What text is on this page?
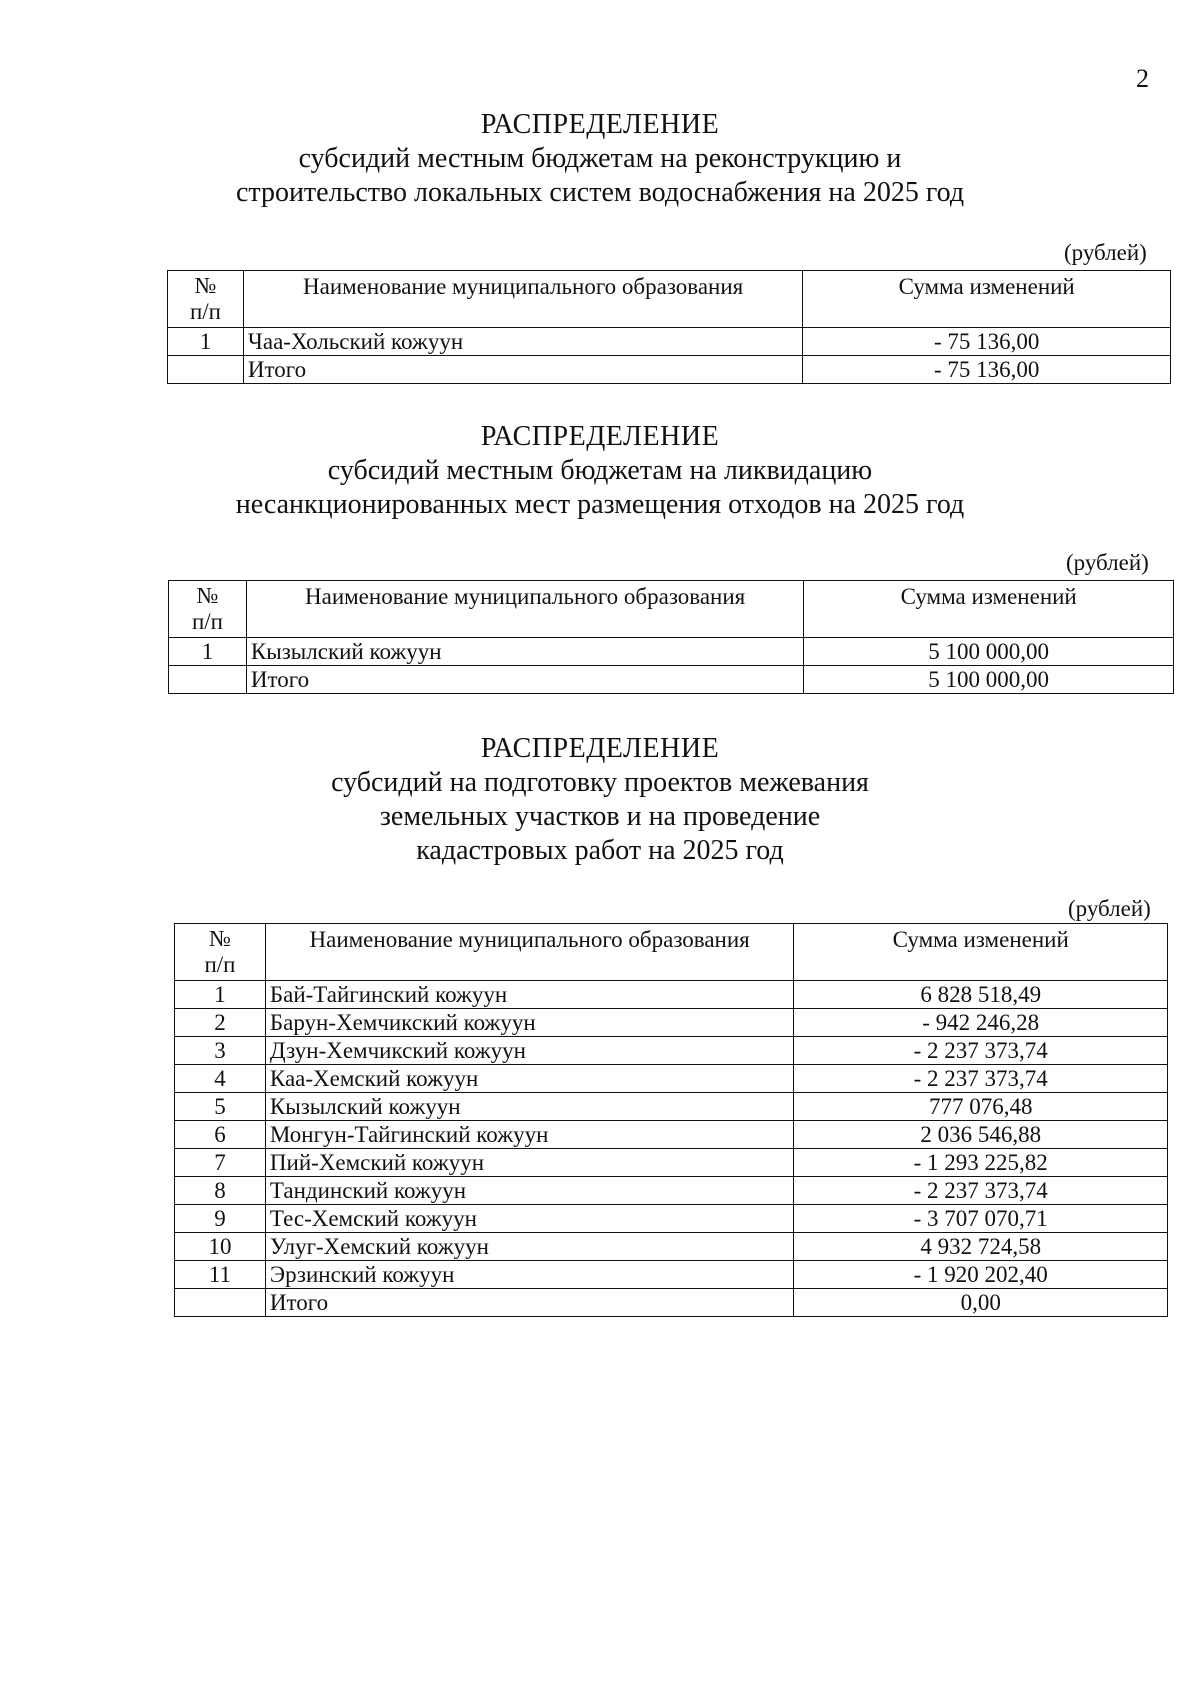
2
РАСПРЕДЕЛЕНИЕ
субсидий местным бюджетам на реконструкцию и
строительство локальных систем водоснабжения на 2025 год
(рублей)
№
п/п	Наименование муниципального образования	Сумма изменений
1	Чаа-Хольский кожуун	- 75 136,00
	Итого	- 75 136,00
РАСПРЕДЕЛЕНИЕ
субсидий местным бюджетам на ликвидацию
несанкционированных мест размещения отходов на 2025 год
(рублей)
№
п/п	Наименование муниципального образования	Сумма изменений
1	Кызылский кожуун	5 100 000,00
	Итого	5 100 000,00
РАСПРЕДЕЛЕНИЕ
субсидий на подготовку проектов межевания
земельных участков и на проведение
кадастровых работ на 2025 год
(рублей)
№
п/п	Наименование муниципального образования	Сумма изменений
1	Бай-Тайгинский кожуун	6 828 518,49
2	Барун-Хемчикский кожуун	- 942 246,28
3	Дзун-Хемчикский кожуун	- 2 237 373,74
4	Каа-Хемский кожуун	- 2 237 373,74
5	Кызылский кожуун	777 076,48
6	Монгун-Тайгинский кожуун	2 036 546,88
7	Пий-Хемский кожуун	- 1 293 225,82
8	Тандинский кожуун	- 2 237 373,74
9	Тес-Хемский кожуун	- 3 707 070,71
10	Улуг-Хемский кожуун	4 932 724,58
11	Эрзинский кожуун	- 1 920 202,40
	Итого	0,00
